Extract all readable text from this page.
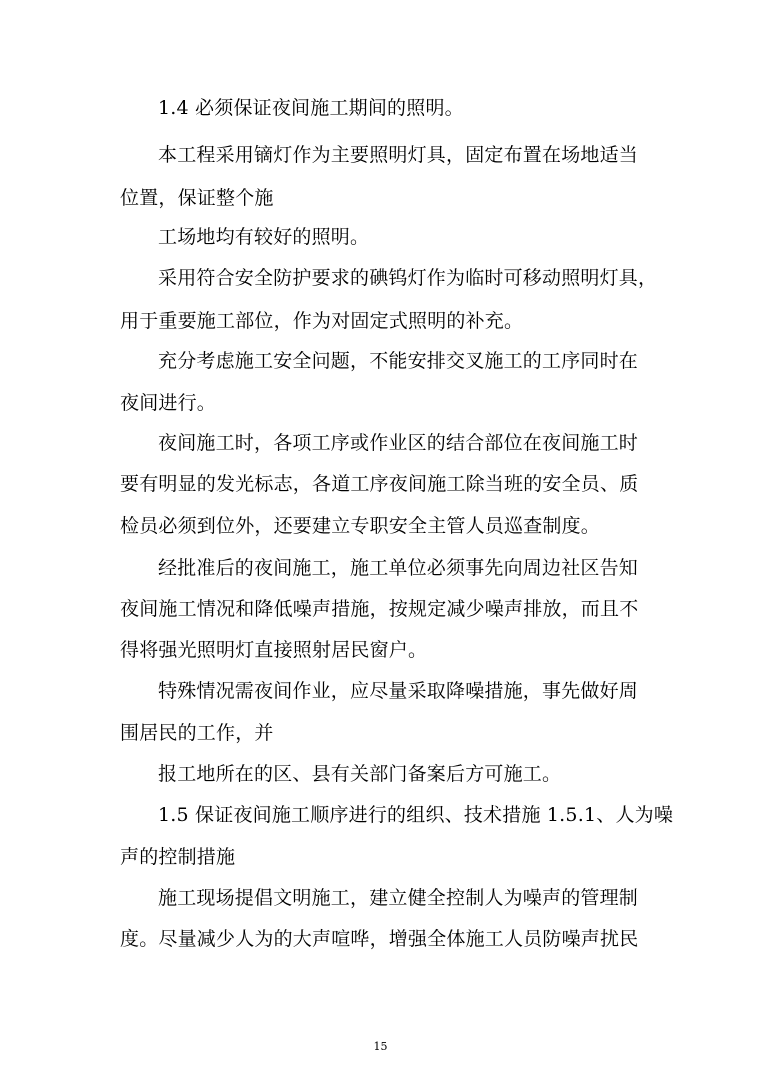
1.4 必须保证夜间施工期间的照明。
本工程采用镝灯作为主要照明灯具，固定布置在场地适当
位置，保证整个施
工场地均有较好的照明。
采用符合安全防护要求的碘钨灯作为临时可移动照明灯具，
用于重要施工部位，作为对固定式照明的补充。
充分考虑施工安全问题，不能安排交叉施工的工序同时在
夜间进行。
夜间施工时，各项工序或作业区的结合部位在夜间施工时
要有明显的发光标志，各道工序夜间施工除当班的安全员、质
检员必须到位外，还要建立专职安全主管人员巡查制度。
经批准后的夜间施工，施工单位必须事先向周边社区告知
夜间施工情况和降低噪声措施，按规定减少噪声排放，而且不
得将强光照明灯直接照射居民窗户。
特殊情况需夜间作业，应尽量采取降噪措施，事先做好周
围居民的工作，并
报工地所在的区、县有关部门备案后方可施工。
1.5 保证夜间施工顺序进行的组织、技术措施 1.5.1、人为噪
声的控制措施
施工现场提倡文明施工，建立健全控制人为噪声的管理制
度。尽量减少人为的大声喧哗，增强全体施工人员防噪声扰民
15
